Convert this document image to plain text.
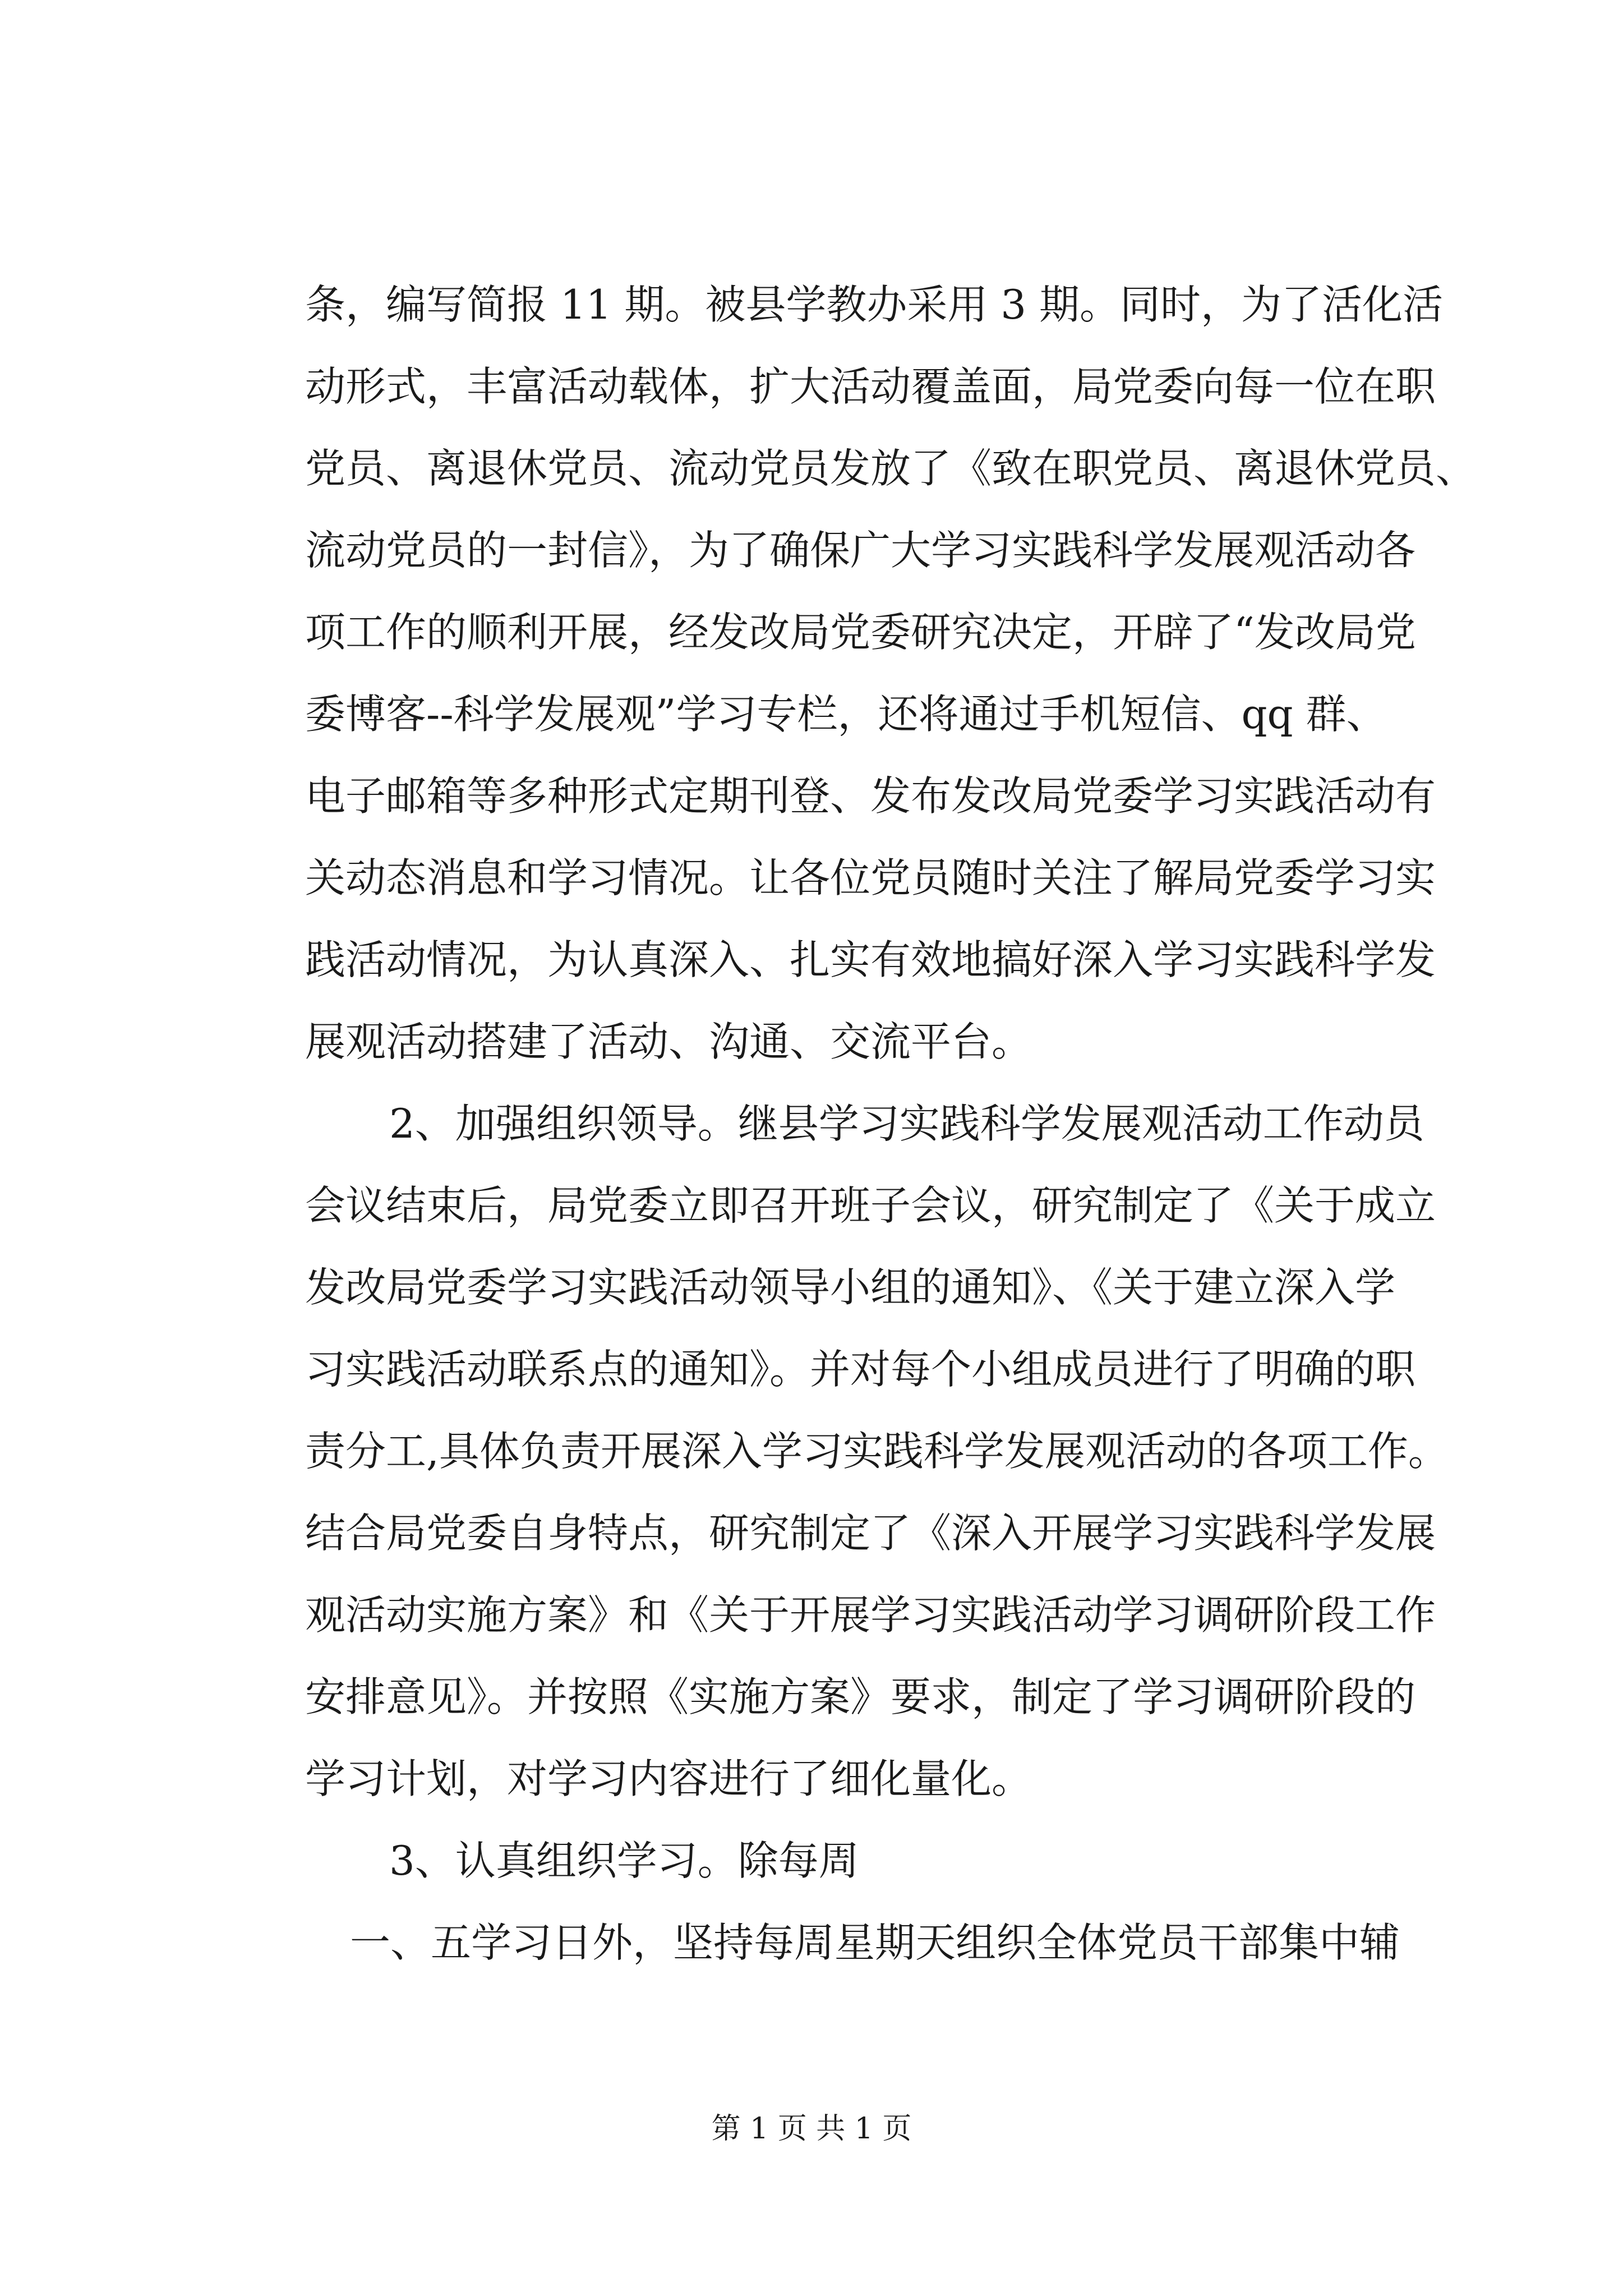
条，编写简报 11 期。被县学教办采用 3 期。同时，为了活化活
动形式，丰富活动载体，扩大活动覆盖面，局党委向每一位在职
党员、离退休党员、流动党员发放了《致在职党员、离退休党员、
流动党员的一封信》，为了确保广大学习实践科学发展观活动各
项工作的顺利开展，经发改局党委研究决定，开辟了“发改局党
委博客--科学发展观”学习专栏，还将通过手机短信、qq 群、
电子邮箱等多种形式定期刊登、发布发改局党委学习实践活动有
关动态消息和学习情况。让各位党员随时关注了解局党委学习实
践活动情况，为认真深入、扎实有效地搞好深入学习实践科学发
展观活动搭建了活动、沟通、交流平台。
2、加强组织领导。继县学习实践科学发展观活动工作动员
会议结束后，局党委立即召开班子会议，研究制定了《关于成立
发改局党委学习实践活动领导小组的通知》、《关于建立深入学
习实践活动联系点的通知》。并对每个小组成员进行了明确的职
责分工,具体负责开展深入学习实践科学发展观活动的各项工作。
结合局党委自身特点，研究制定了《深入开展学习实践科学发展
观活动实施方案》和《关于开展学习实践活动学习调研阶段工作
安排意见》。并按照《实施方案》要求，制定了学习调研阶段的
学习计划，对学习内容进行了细化量化。
3、认真组织学习。除每周
一、五学习日外，坚持每周星期天组织全体党员干部集中辅
第 1 页 共 1 页
